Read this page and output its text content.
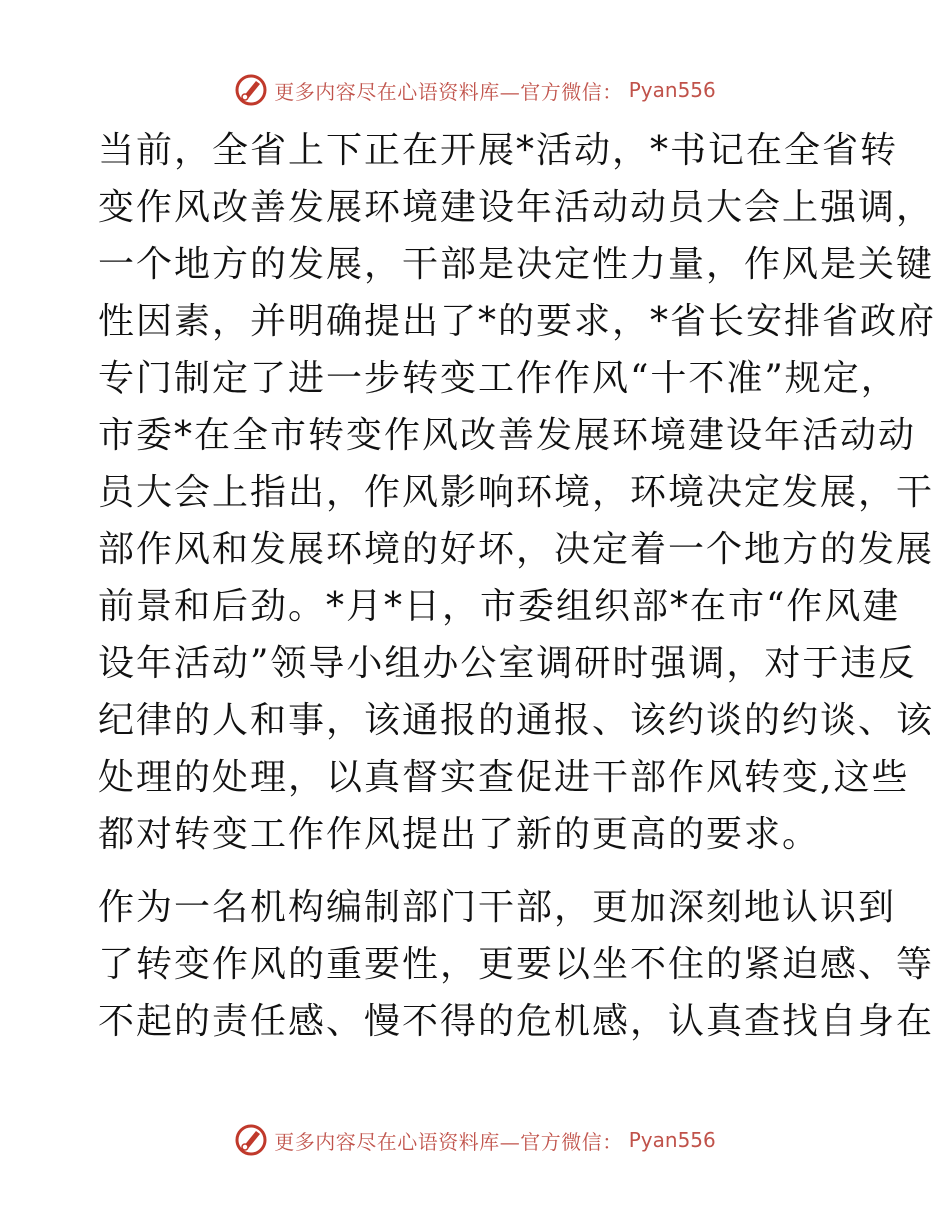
更多内容尽在心语资料库—官方微信： Pyan556
当前，全省上下正在开展*活动，*书记在全省转
变作风改善发展环境建设年活动动员大会上强调，
一个地方的发展，干部是决定性力量，作风是关键
性因素，并明确提出了*的要求，*省长安排省政府
专门制定了进一步转变工作作风“十不准”规定，
市委*在全市转变作风改善发展环境建设年活动动
员大会上指出，作风影响环境，环境决定发展，干
部作风和发展环境的好坏，决定着一个地方的发展
前景和后劲。*月*日，市委组织部*在市“作风建
设年活动”领导小组办公室调研时强调，对于违反
纪律的人和事，该通报的通报、该约谈的约谈、该
处理的处理，以真督实查促进干部作风转变,这些
都对转变工作作风提出了新的更高的要求。
作为一名机构编制部门干部，更加深刻地认识到
了转变作风的重要性，更要以坐不住的紧迫感、等
不起的责任感、慢不得的危机感，认真查找自身在
更多内容尽在心语资料库—官方微信： Pyan556
